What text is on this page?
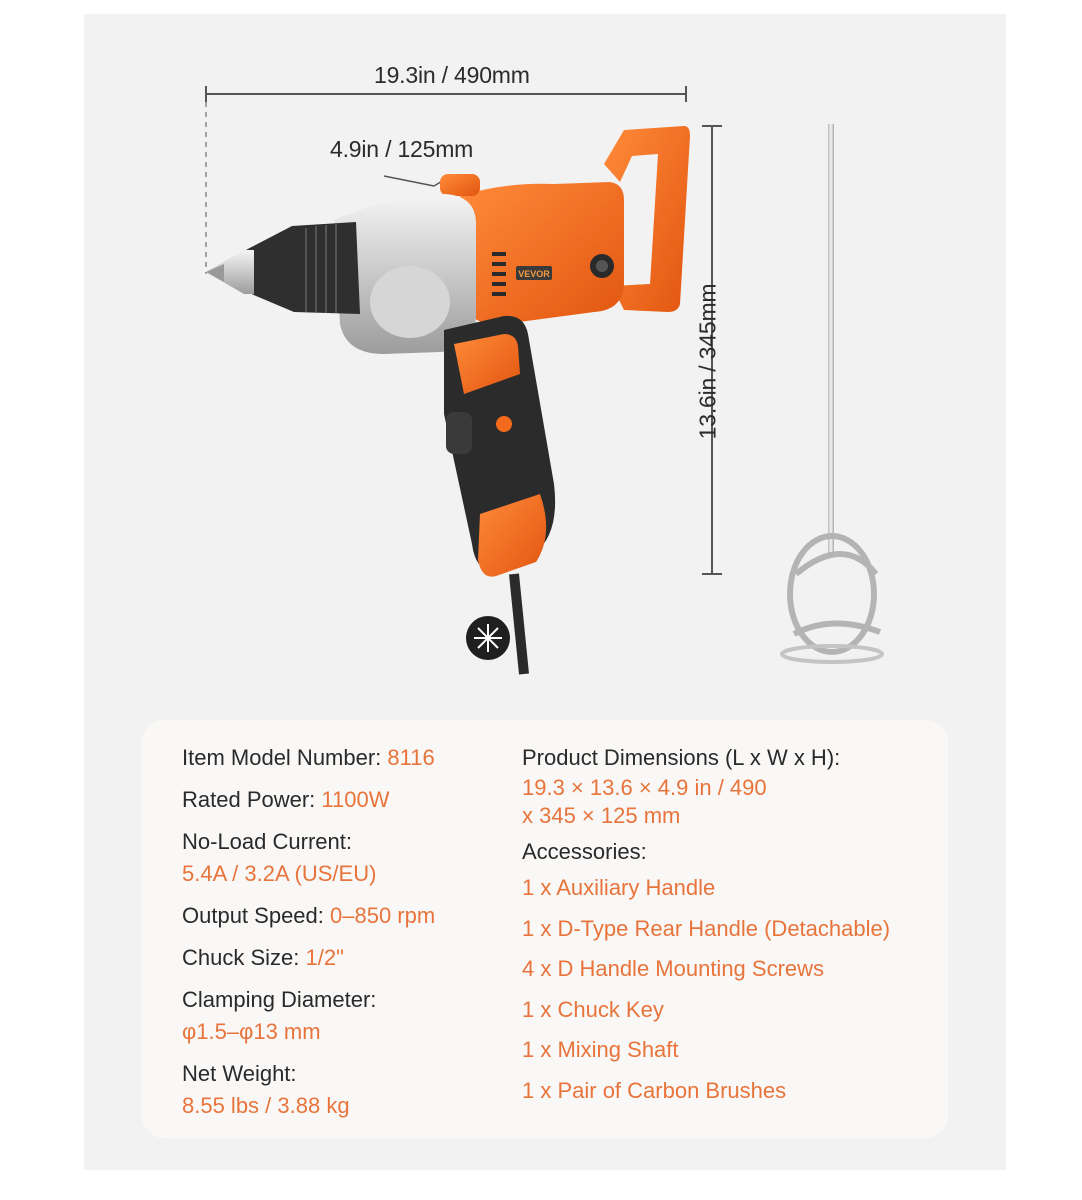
VEVOR
19.3in / 490mm
4.9in / 125mm
13.6in / 345mm
Item Model Number: 8116
Rated Power: 1100W
No-Load Current:
5.4A / 3.2A (US/EU)
Output Speed: 0–850 rpm
Chuck Size: 1/2"
Clamping Diameter:
φ1.5–φ13 mm
Net Weight:
8.55 lbs / 3.88 kg
Product Dimensions (L x W x H):
19.3 × 13.6 × 4.9 in / 490
x 345 × 125 mm
Accessories:
1 x Auxiliary Handle
1 x D-Type Rear Handle (Detachable)
4 x D Handle Mounting Screws
1 x Chuck Key
1 x Mixing Shaft
1 x Pair of Carbon Brushes
